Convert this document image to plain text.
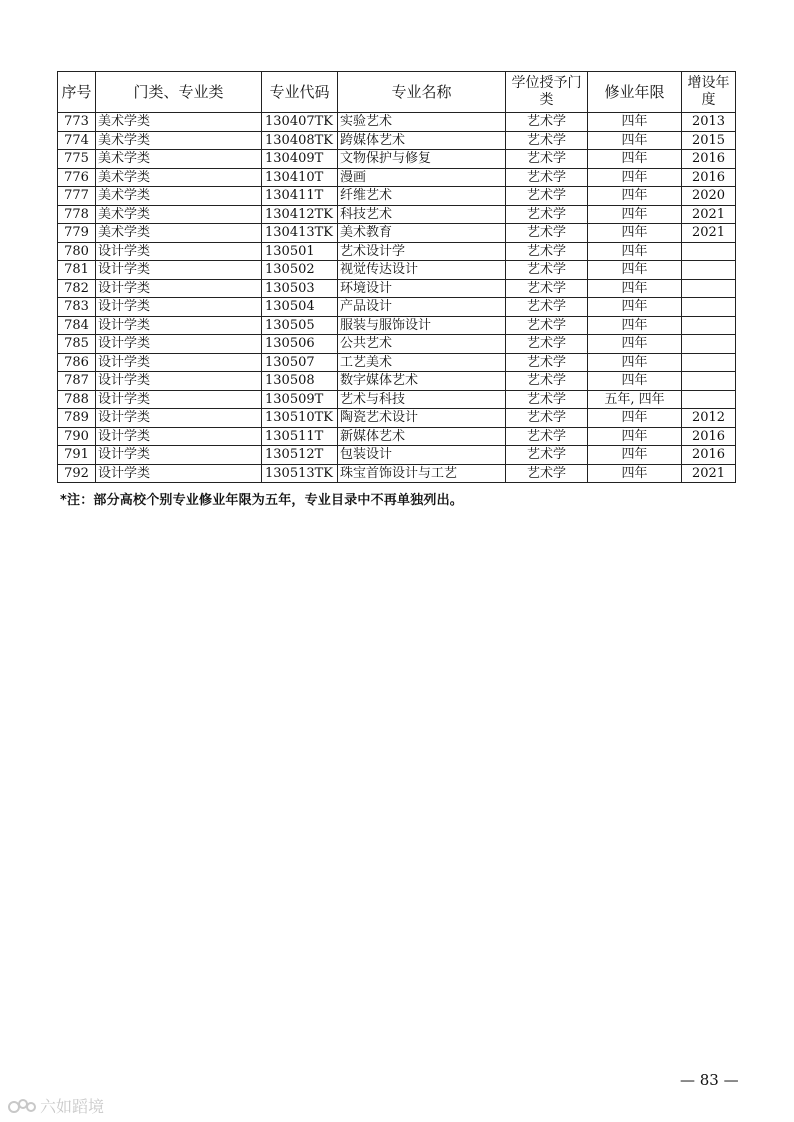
序号	门类、专业类	专业代码	专业名称	学位授予门类	修业年限	增设年度
773	美术学类	130407TK	实验艺术	艺术学	四年	2013
774	美术学类	130408TK	跨媒体艺术	艺术学	四年	2015
775	美术学类	130409T	文物保护与修复	艺术学	四年	2016
776	美术学类	130410T	漫画	艺术学	四年	2016
777	美术学类	130411T	纤维艺术	艺术学	四年	2020
778	美术学类	130412TK	科技艺术	艺术学	四年	2021
779	美术学类	130413TK	美术教育	艺术学	四年	2021
780	设计学类	130501	艺术设计学	艺术学	四年	
781	设计学类	130502	视觉传达设计	艺术学	四年	
782	设计学类	130503	环境设计	艺术学	四年	
783	设计学类	130504	产品设计	艺术学	四年	
784	设计学类	130505	服装与服饰设计	艺术学	四年	
785	设计学类	130506	公共艺术	艺术学	四年	
786	设计学类	130507	工艺美术	艺术学	四年	
787	设计学类	130508	数字媒体艺术	艺术学	四年	
788	设计学类	130509T	艺术与科技	艺术学	五年, 四年	
789	设计学类	130510TK	陶瓷艺术设计	艺术学	四年	2012
790	设计学类	130511T	新媒体艺术	艺术学	四年	2016
791	设计学类	130512T	包装设计	艺术学	四年	2016
792	设计学类	130513TK	珠宝首饰设计与工艺	艺术学	四年	2021
*注：部分高校个别专业修业年限为五年，专业目录中不再单独列出。
— 83 —
六如蹈境
